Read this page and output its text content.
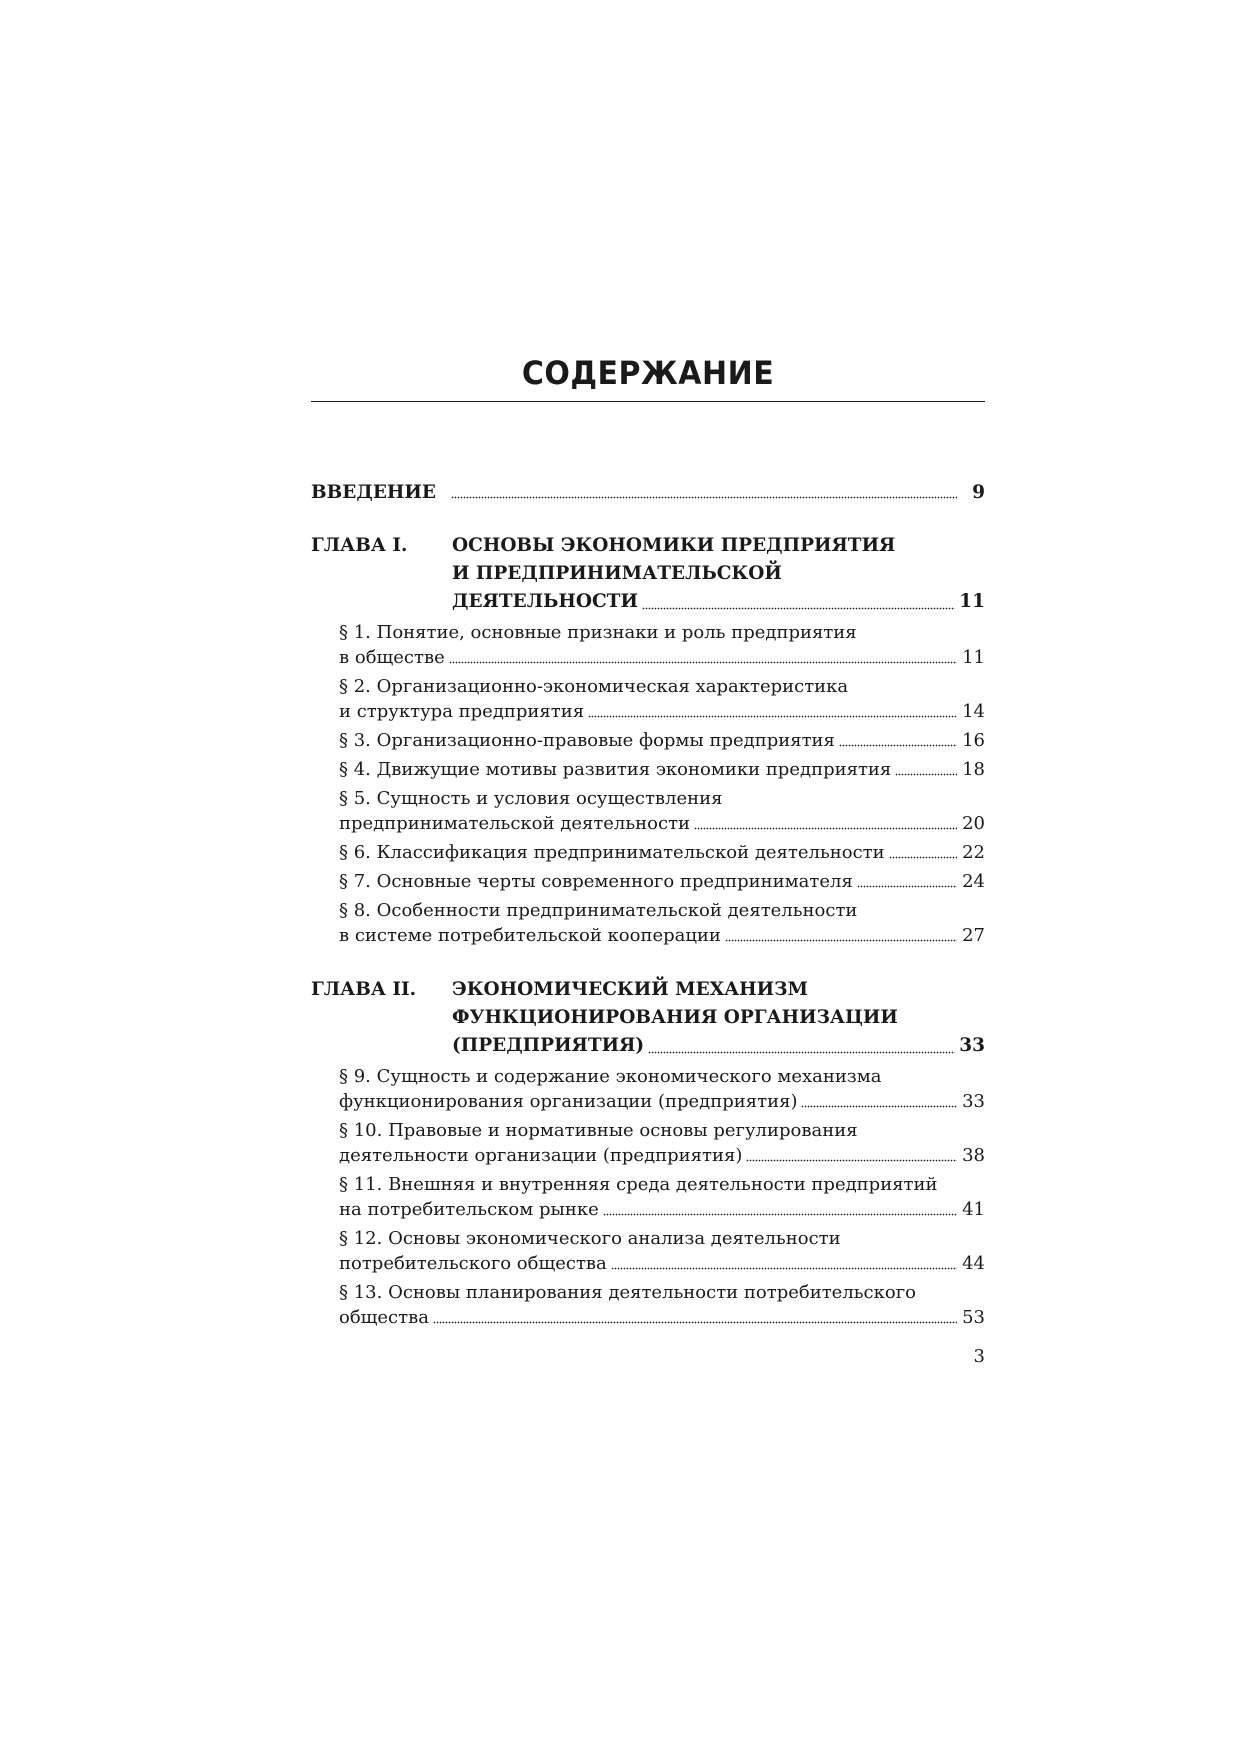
СОДЕРЖАНИЕ
ВВЕДЕНИЕ	9
ГЛАВА I.	ОСНОВЫ ЭКОНОМИКИ ПРЕДПРИЯТИЯ
И ПРЕДПРИНИМАТЕЛЬСКОЙ
ДЕЯТЕЛЬНОСТИ	11
§ 1. Понятие, основные признаки и роль предприятия
в обществе	11
§ 2. Организационно-экономическая характеристика
и структура предприятия	14
§ 3. Организационно-правовые формы предприятия	16
§ 4. Движущие мотивы развития экономики предприятия	18
§ 5. Сущность и условия осуществления
предпринимательской деятельности	20
§ 6. Классификация предпринимательской деятельности	22
§ 7. Основные черты современного предпринимателя	24
§ 8. Особенности предпринимательской деятельности
в системе потребительской кооперации	27
ГЛАВА II.	ЭКОНОМИЧЕСКИЙ МЕХАНИЗМ
ФУНКЦИОНИРОВАНИЯ ОРГАНИЗАЦИИ
(ПРЕДПРИЯТИЯ)	33
§ 9. Сущность и содержание экономического механизма
функционирования организации (предприятия)	33
§ 10. Правовые и нормативные основы регулирования
деятельности организации (предприятия)	38
§ 11. Внешняя и внутренняя среда деятельности предприятий
на потребительском рынке	41
§ 12. Основы экономического анализа деятельности
потребительского общества	44
§ 13. Основы планирования деятельности потребительского
общества	53
3
